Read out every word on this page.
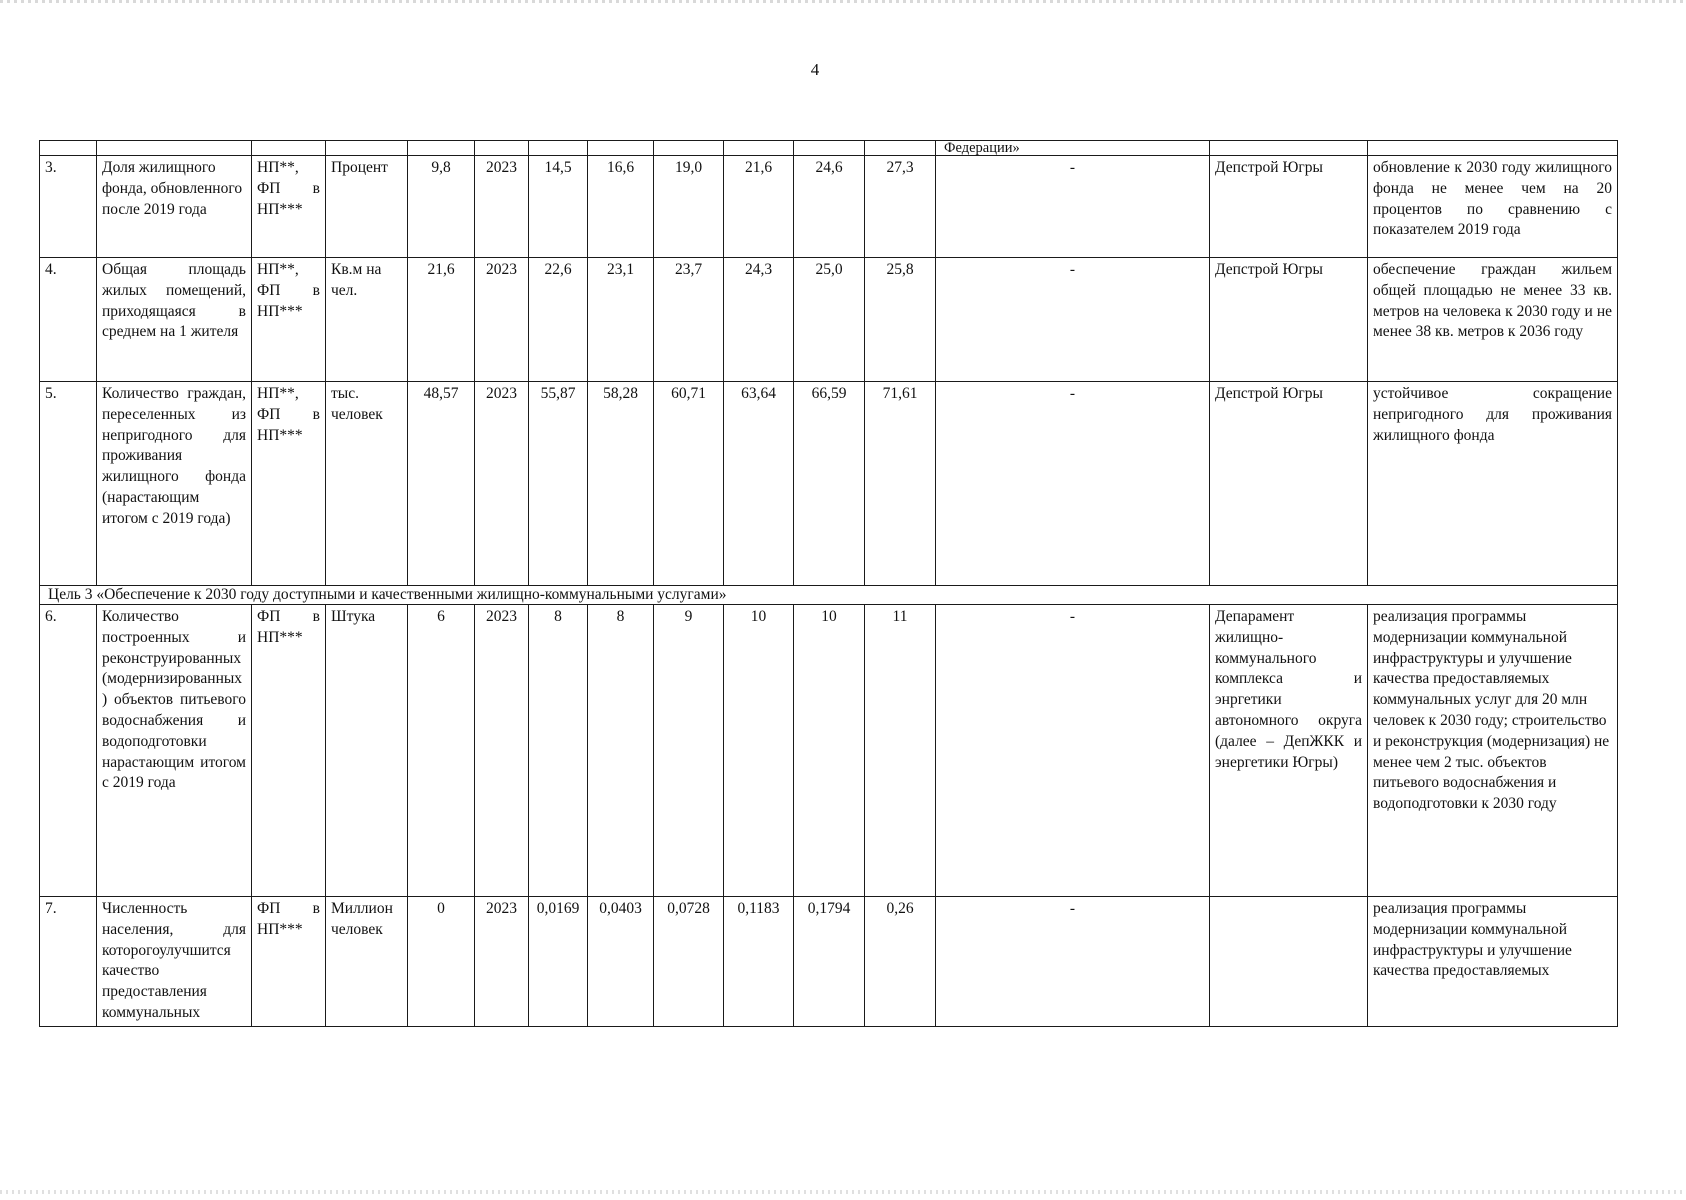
4
												Федерации»		
3.	Доля жилищного фонда, обновленного после 2019 года	НП**, ФП в НП***	Процент	9,8	2023	14,5	16,6	19,0	21,6	24,6	27,3	-	Депстрой Югры	обновление к 2030 году жилищного фонда не менее чем на 20 процентов по сравнению с показателем 2019 года
4.	Общая площадь жилых помещений, приходящаяся в среднем на 1 жителя	НП**, ФП в НП***	Кв.м на чел.	21,6	2023	22,6	23,1	23,7	24,3	25,0	25,8	-	Депстрой Югры	обеспечение граждан жильем общей площадью не менее 33 кв. метров на человека к 2030 году и не менее 38 кв. метров к 2036 году
5.	Количество граждан, переселенных из непригодного для проживания жилищного фонда (нарастающим итогом с 2019 года)	НП**, ФП в НП***	тыс. человек	48,57	2023	55,87	58,28	60,71	63,64	66,59	71,61	-	Депстрой Югры	устойчивое сокращение непригодного для проживания жилищного фонда
Цель 3 «Обеспечение к 2030 году доступными и качественными жилищно-коммунальными услугами»														
6.	Количество построенных и реконструированных (модернизированных) объектов питьевого водоснабжения и водоподготовки нарастающим итогом с 2019 года	ФП в НП***	Штука	6	2023	8	8	9	10	10	11	-	Депарамент жилищно-коммунального комплекса и энргетики автономного округа (далее – ДепЖКК и энергетики Югры)	реализация программы модернизации коммунальной инфраструктуры и улучшение качества предоставляемых коммунальных услуг для 20 млн человек к 2030 году; строительство и реконструкция (модернизация) не менее чем 2 тыс. объектов питьевого водоснабжения и водоподготовки к 2030 году
7.	Численность населения, для которогоулучшится качество предоставления коммунальных	ФП в НП***	Миллион человек	0	2023	0,0169	0,0403	0,0728	0,1183	0,1794	0,26	-		реализация программы модернизации коммунальной инфраструктуры и улучшение качества предоставляемых
